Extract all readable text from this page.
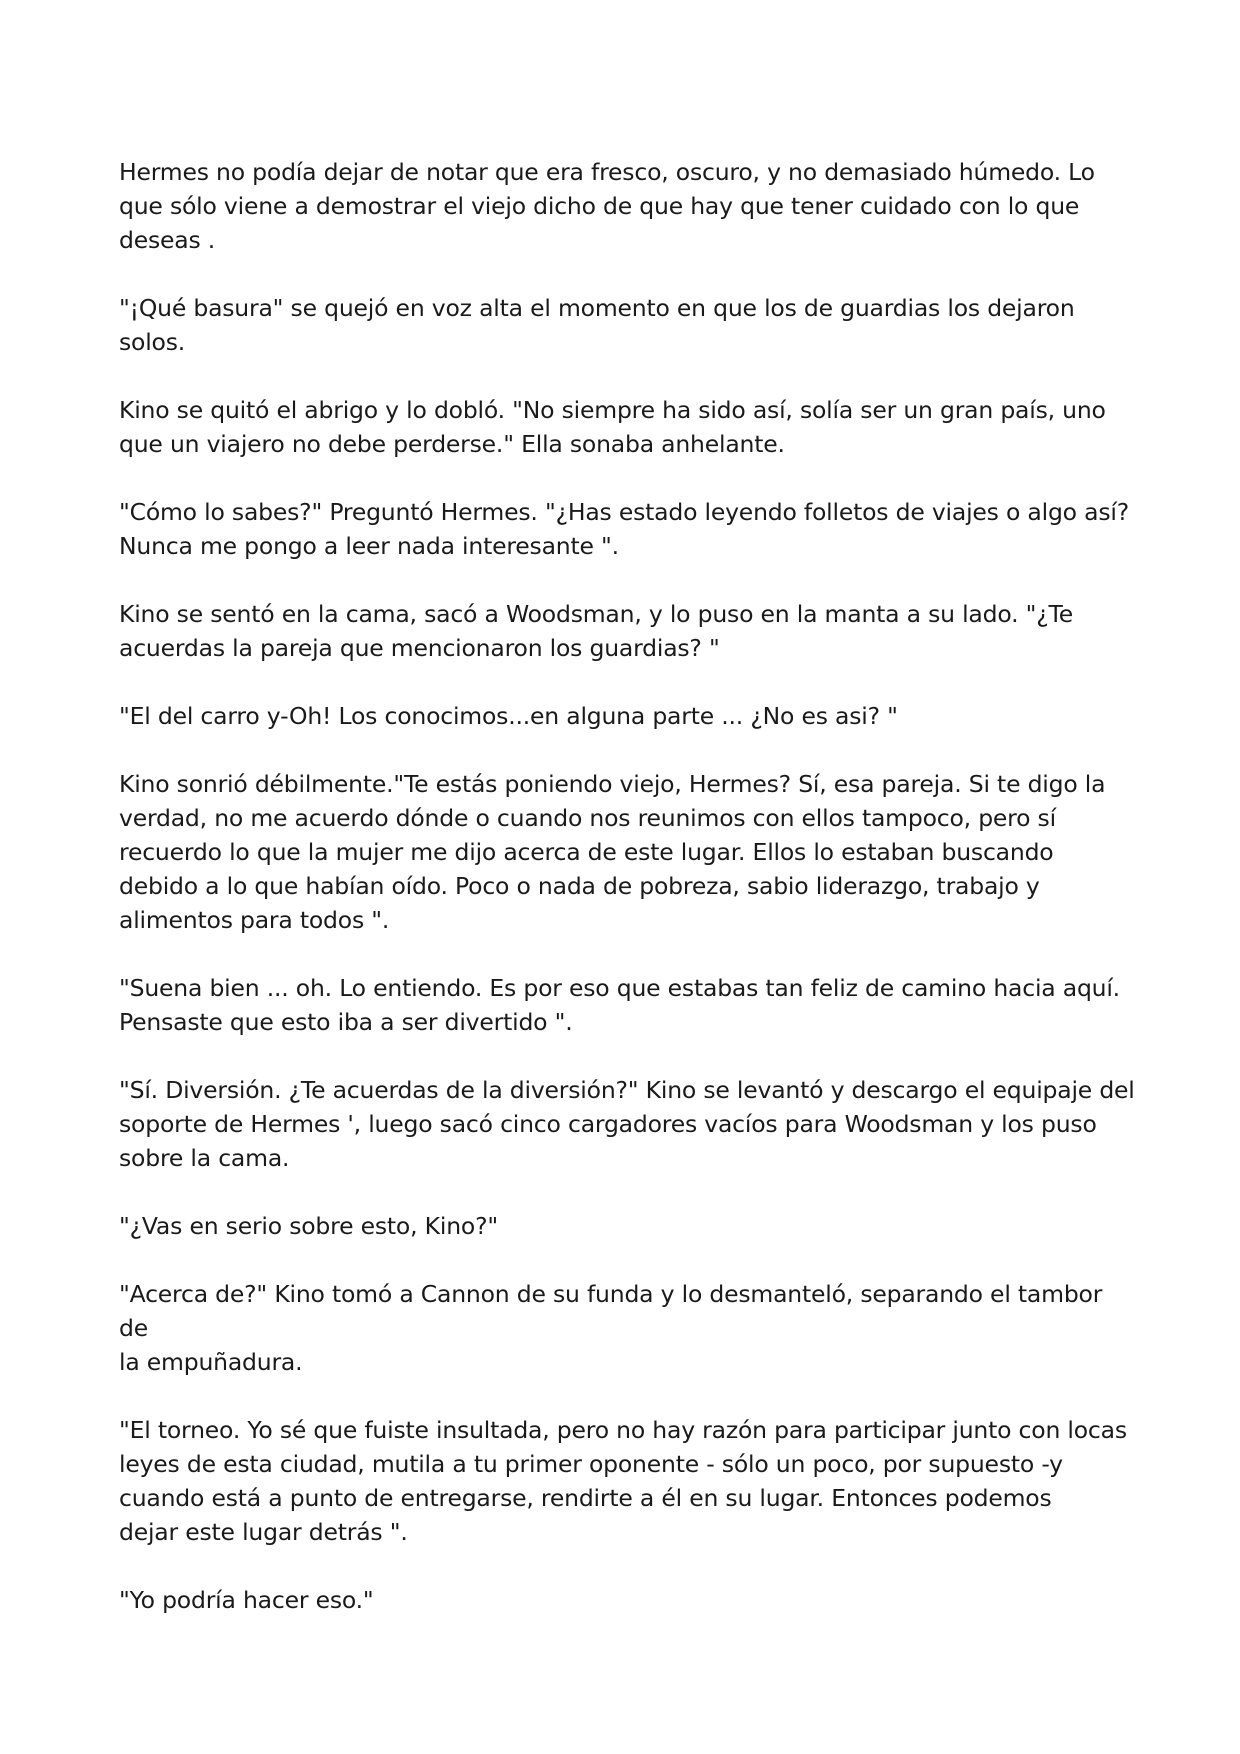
Hermes no podía dejar de notar que era fresco, oscuro, y no demasiado húmedo. Lo
que sólo viene a demostrar el viejo dicho de que hay que tener cuidado con lo que
deseas .

"¡Qué basura" se quejó en voz alta el momento en que los de guardias los dejaron
solos.

Kino se quitó el abrigo y lo dobló. "No siempre ha sido así, solía ser un gran país, uno
que un viajero no debe perderse." Ella sonaba anhelante.

"Cómo lo sabes?" Preguntó Hermes. "¿Has estado leyendo folletos de viajes o algo así?
Nunca me pongo a leer nada interesante ".

Kino se sentó en la cama, sacó a Woodsman, y lo puso en la manta a su lado. "¿Te
acuerdas la pareja que mencionaron los guardias? "

"El del carro y-Oh! Los conocimos...en alguna parte ... ¿No es asi? "

Kino sonrió débilmente."Te estás poniendo viejo, Hermes? Sí, esa pareja. Si te digo la
verdad, no me acuerdo dónde o cuando nos reunimos con ellos tampoco, pero sí
recuerdo lo que la mujer me dijo acerca de este lugar. Ellos lo estaban buscando
debido a lo que habían oído. Poco o nada de pobreza, sabio liderazgo, trabajo y
alimentos para todos ".

"Suena bien ... oh. Lo entiendo. Es por eso que estabas tan feliz de camino hacia aquí.
Pensaste que esto iba a ser divertido ".

"Sí. Diversión. ¿Te acuerdas de la diversión?" Kino se levantó y descargo el equipaje del
soporte de Hermes ', luego sacó cinco cargadores vacíos para Woodsman y los puso
sobre la cama.

"¿Vas en serio sobre esto, Kino?"

"Acerca de?" Kino tomó a Cannon de su funda y lo desmanteló, separando el tambor
de
la empuñadura.

"El torneo. Yo sé que fuiste insultada, pero no hay razón para participar junto con locas
leyes de esta ciudad, mutila a tu primer oponente - sólo un poco, por supuesto -y
cuando está a punto de entregarse, rendirte a él en su lugar. Entonces podemos
dejar este lugar detrás ".

"Yo podría hacer eso."
